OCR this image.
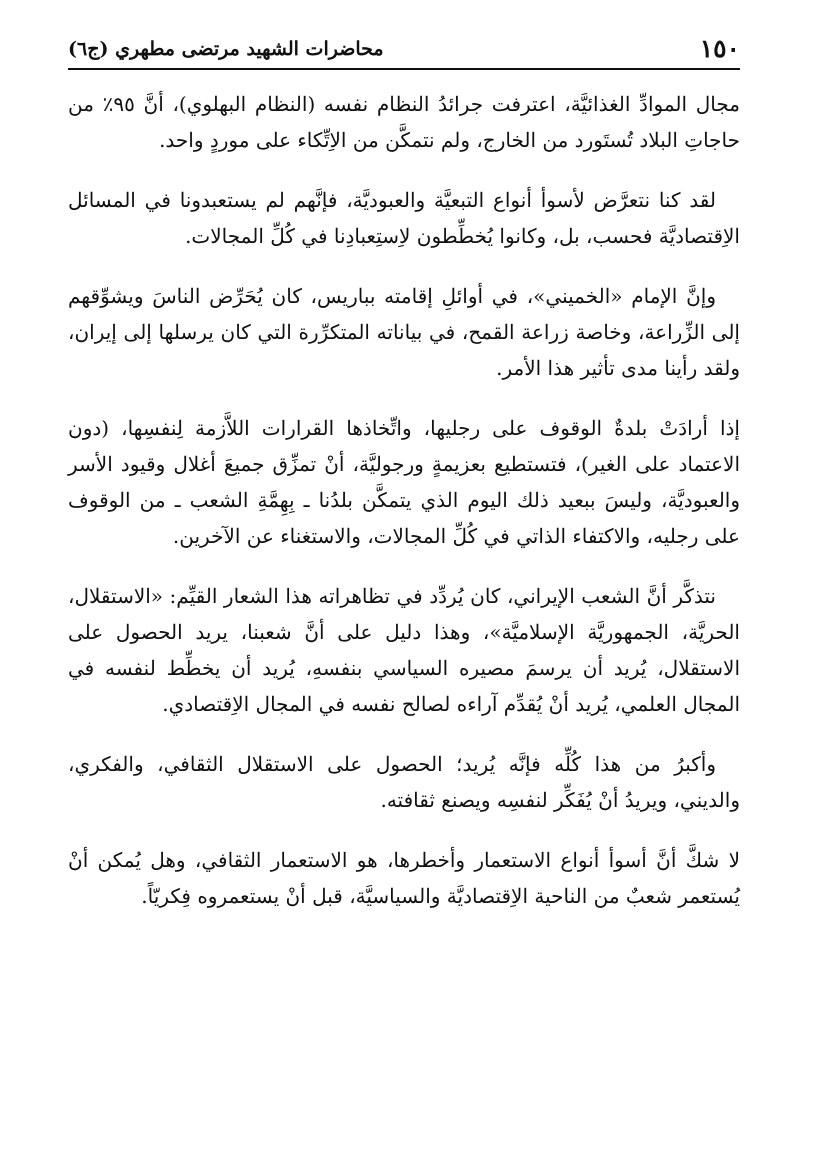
١٥٠
محاضرات الشهيد مرتضى مطهري (ج٦)

مجال الموادِّ الغذائيَّة، اعترفت جرائدُ النظام نفسه (النظام البهلوي)، أنَّ ٩٥٪ من حاجاتِ البلاد تُستَورد من الخارج، ولم نتمكَّن من الاِتِّكاء على موردٍ واحد.

لقد كنا نتعرَّض لأسوأ أنواع التبعيَّة والعبوديَّة، فإنَّهم لم يستعبدونا في المسائل الاِقتصاديَّة فحسب، بل، وكانوا يُخطِّطون لاِستِعبادِنا في كُلِّ المجالات.

وإنَّ الإمام «الخميني»، في أوائلِ إقامته بباريس، كان يُحَرِّض الناسَ ويشوِّقهم إلى الزِّراعة، وخاصة زراعة القمح، في بياناته المتكرِّرة التي كان يرسلها إلى إيران، ولقد رأينا مدى تأثير هذا الأمر.

إذا أرادَتْ بلدةٌ الوقوف على رجليها، واتِّخاذها القرارات اللاَّزمة لِنفسِها، (دون الاعتماد على الغير)، فتستطيع بعزيمةٍ ورجوليَّة، أنْ تمزِّق جميعَ أغلال وقيود الأسر والعبوديَّة، وليسَ ببعيد ذلك اليوم الذي يتمكَّن بلدُنا ـ بِهِمَّةِ الشعب ـ من الوقوف على رجليه، والاكتفاء الذاتي في كُلِّ المجالات، والاستغناء عن الآخرين.

نتذكَّر أنَّ الشعب الإيراني، كان يُردِّد في تظاهراته هذا الشعار القيِّم: «الاستقلال، الحريَّة، الجمهوريَّة الإسلاميَّة»، وهذا دليل على أنَّ شعبنا، يريد الحصول على الاستقلال، يُريد أن يرسمَ مصيره السياسي بنفسهِ، يُريد أن يخطِّط لنفسه في المجال العلمي، يُريد أنْ يُقدِّم آراءه لصالح نفسه في المجال الاِقتصادي.

وأكبرُ من هذا كُلِّه فإنَّه يُريد؛ الحصول على الاستقلال الثقافي، والفكري، والديني، ويريدُ أنْ يُفَكِّر لنفسِه ويصنع ثقافته.

لا شكَّ أنَّ أسوأ أنواع الاستعمار وأخطرها، هو الاستعمار الثقافي، وهل يُمكن أنْ يُستعمر شعبٌ من الناحية الاِقتصاديَّة والسياسيَّة، قبل أنْ يستعمروه فِكريّاً.
